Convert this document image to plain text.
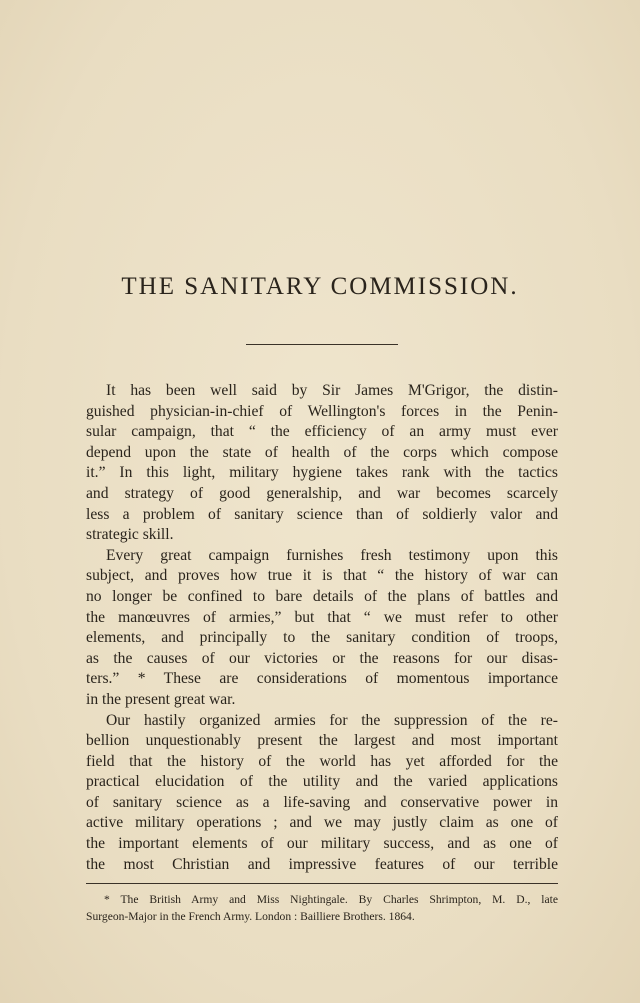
THE SANITARY COMMISSION.
It has been well said by Sir James M'Grigor, the distin-
guished physician-in-chief of Wellington's forces in the Penin-
sular campaign, that “ the efficiency of an army must ever
depend upon the state of health of the corps which compose
it.” In this light, military hygiene takes rank with the tactics
and strategy of good generalship, and war becomes scarcely
less a problem of sanitary science than of soldierly valor and
strategic skill.
Every great campaign furnishes fresh testimony upon this
subject, and proves how true it is that “ the history of war can
no longer be confined to bare details of the plans of battles and
the manœuvres of armies,” but that “ we must refer to other
elements, and principally to the sanitary condition of troops,
as the causes of our victories or the reasons for our disas-
ters.” * These are considerations of momentous importance
in the present great war.
Our hastily organized armies for the suppression of the re-
bellion unquestionably present the largest and most important
field that the history of the world has yet afforded for the
practical elucidation of the utility and the varied applications
of sanitary science as a life-saving and conservative power in
active military operations ; and we may justly claim as one of
the important elements of our military success, and as one of
the most Christian and impressive features of our terrible
* The British Army and Miss Nightingale. By Charles Shrimpton, M. D., late
Surgeon-Major in the French Army. London : Bailliere Brothers. 1864.
